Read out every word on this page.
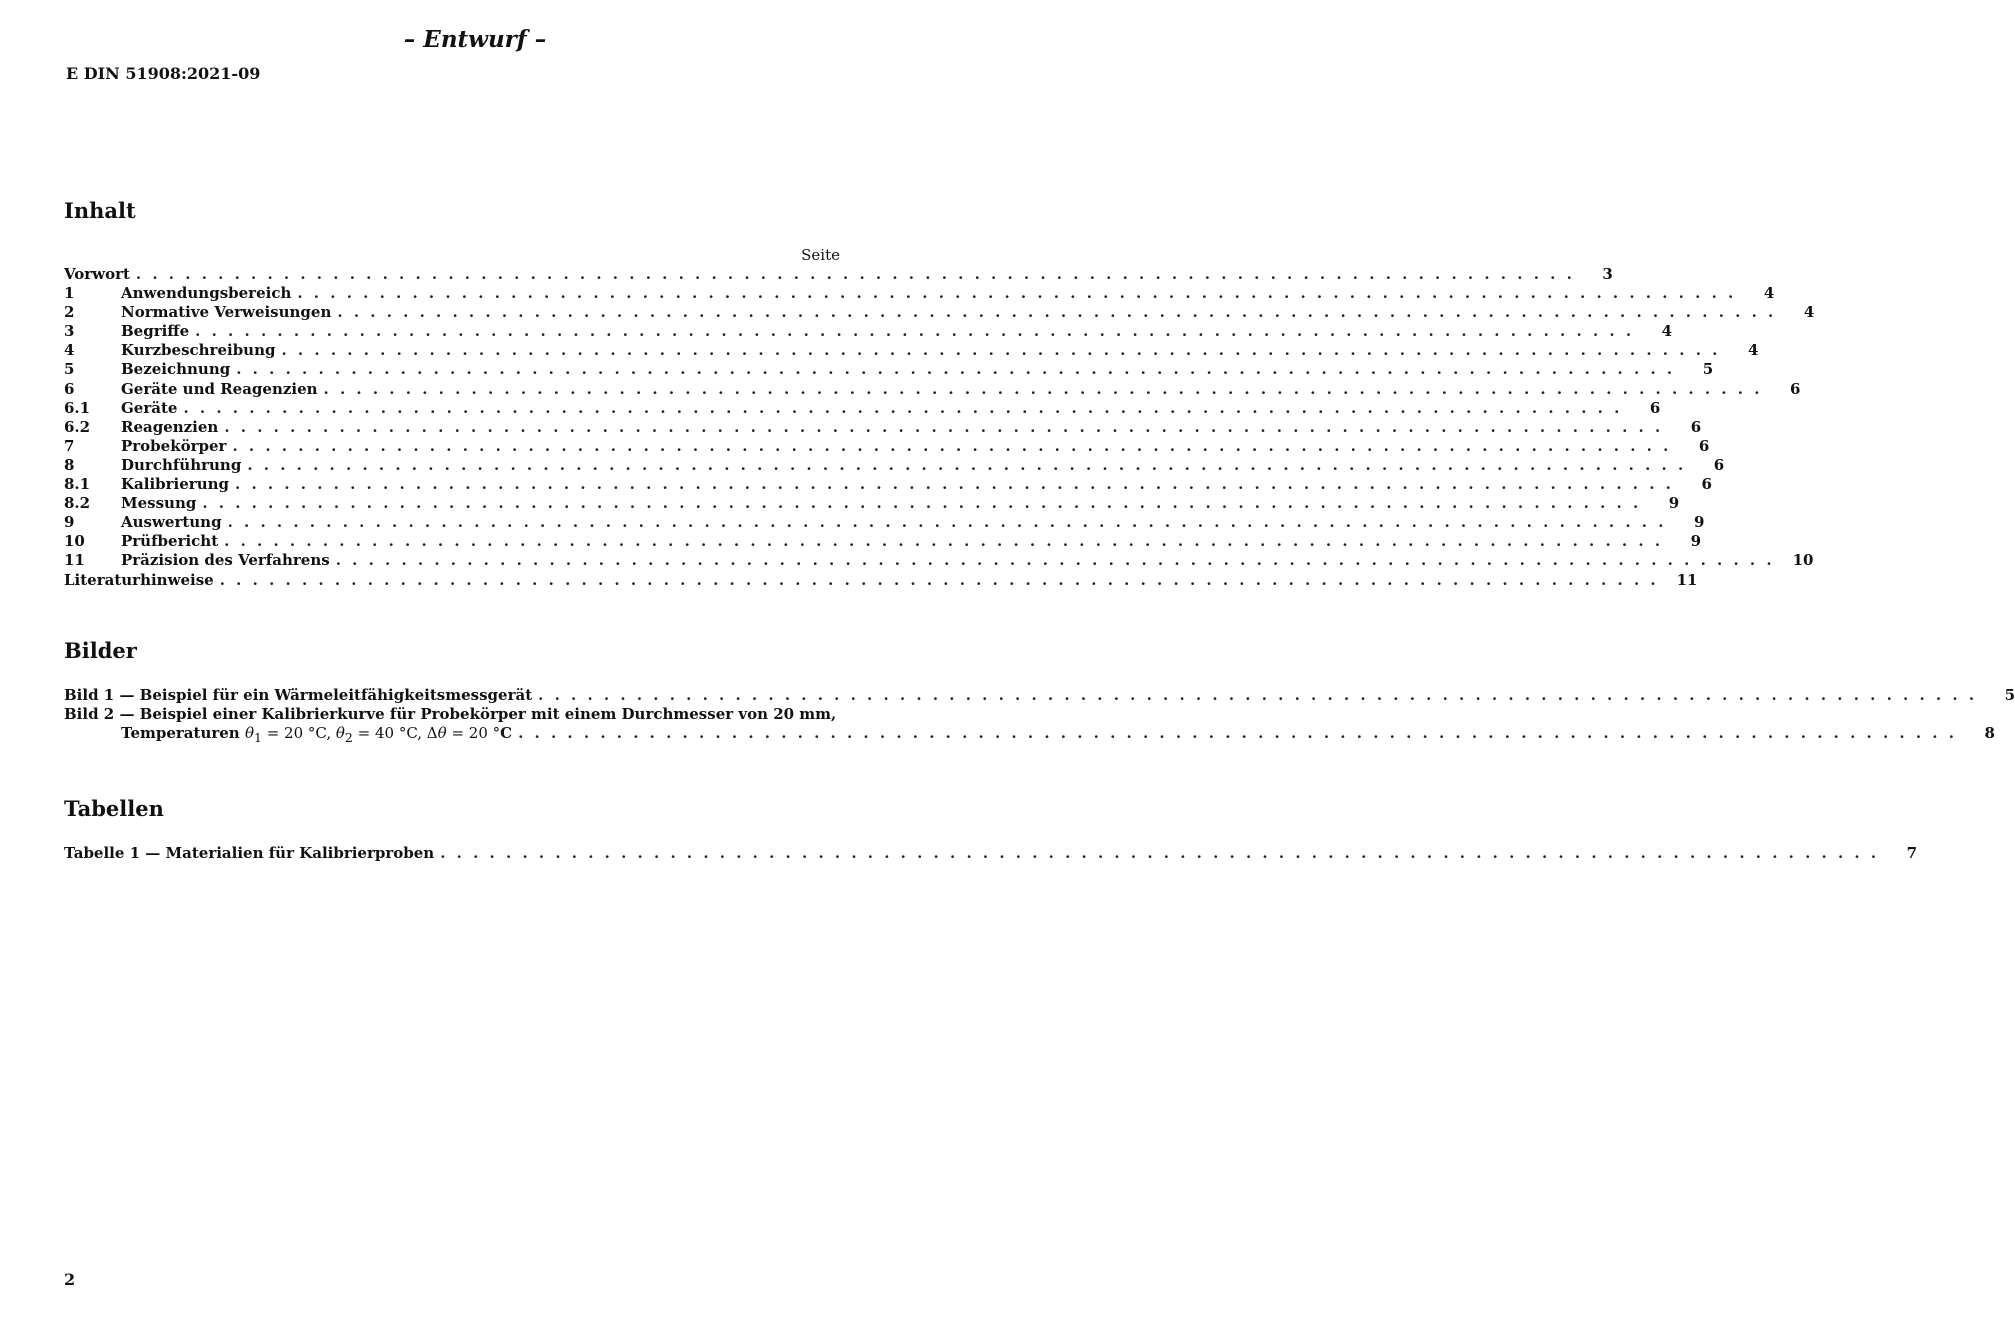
– Entwurf –
E DIN 51908:2021-09
Inhalt
Seite
Vorwort . . . . . . . . . . . . . . . . . . . . . . . . . . . . . . . . . . . . . . . . . . . . . . . . . . . . . . . . . . . . . . . . . . . . . . . . . . . . . . . . . . . . . . . .	3
1	Anwendungsbereich . . . . . . . . . . . . . . . . . . . . . . . . . . . . . . . . . . . . . . . . . . . . . . . . . . . . . . . . . . . . . . . . . . . . . . . . . . . . . . . . . . . . . . . .	4
2	Normative Verweisungen . . . . . . . . . . . . . . . . . . . . . . . . . . . . . . . . . . . . . . . . . . . . . . . . . . . . . . . . . . . . . . . . . . . . . . . . . . . . . . . . . . . . . . . .	4
3	Begriffe . . . . . . . . . . . . . . . . . . . . . . . . . . . . . . . . . . . . . . . . . . . . . . . . . . . . . . . . . . . . . . . . . . . . . . . . . . . . . . . . . . . . . . . .	4
4	Kurzbeschreibung . . . . . . . . . . . . . . . . . . . . . . . . . . . . . . . . . . . . . . . . . . . . . . . . . . . . . . . . . . . . . . . . . . . . . . . . . . . . . . . . . . . . . . . .	4
5	Bezeichnung . . . . . . . . . . . . . . . . . . . . . . . . . . . . . . . . . . . . . . . . . . . . . . . . . . . . . . . . . . . . . . . . . . . . . . . . . . . . . . . . . . . . . . . .	5
6	Geräte und Reagenzien . . . . . . . . . . . . . . . . . . . . . . . . . . . . . . . . . . . . . . . . . . . . . . . . . . . . . . . . . . . . . . . . . . . . . . . . . . . . . . . . . . . . . . . .	6
6.1	Geräte . . . . . . . . . . . . . . . . . . . . . . . . . . . . . . . . . . . . . . . . . . . . . . . . . . . . . . . . . . . . . . . . . . . . . . . . . . . . . . . . . . . . . . . .	6
6.2	Reagenzien . . . . . . . . . . . . . . . . . . . . . . . . . . . . . . . . . . . . . . . . . . . . . . . . . . . . . . . . . . . . . . . . . . . . . . . . . . . . . . . . . . . . . . . .	6
7	Probekörper . . . . . . . . . . . . . . . . . . . . . . . . . . . . . . . . . . . . . . . . . . . . . . . . . . . . . . . . . . . . . . . . . . . . . . . . . . . . . . . . . . . . . . . .	6
8	Durchführung . . . . . . . . . . . . . . . . . . . . . . . . . . . . . . . . . . . . . . . . . . . . . . . . . . . . . . . . . . . . . . . . . . . . . . . . . . . . . . . . . . . . . . . .	6
8.1	Kalibrierung . . . . . . . . . . . . . . . . . . . . . . . . . . . . . . . . . . . . . . . . . . . . . . . . . . . . . . . . . . . . . . . . . . . . . . . . . . . . . . . . . . . . . . . .	6
8.2	Messung . . . . . . . . . . . . . . . . . . . . . . . . . . . . . . . . . . . . . . . . . . . . . . . . . . . . . . . . . . . . . . . . . . . . . . . . . . . . . . . . . . . . . . . .	9
9	Auswertung . . . . . . . . . . . . . . . . . . . . . . . . . . . . . . . . . . . . . . . . . . . . . . . . . . . . . . . . . . . . . . . . . . . . . . . . . . . . . . . . . . . . . . . .	9
10	Prüfbericht . . . . . . . . . . . . . . . . . . . . . . . . . . . . . . . . . . . . . . . . . . . . . . . . . . . . . . . . . . . . . . . . . . . . . . . . . . . . . . . . . . . . . . . .	9
11	Präzision des Verfahrens . . . . . . . . . . . . . . . . . . . . . . . . . . . . . . . . . . . . . . . . . . . . . . . . . . . . . . . . . . . . . . . . . . . . . . . . . . . . . . . . . . . . . . . .	10
Literaturhinweise . . . . . . . . . . . . . . . . . . . . . . . . . . . . . . . . . . . . . . . . . . . . . . . . . . . . . . . . . . . . . . . . . . . . . . . . . . . . . . . . . . . . . . . .	11
Bilder
Bild 1 — Beispiel für ein Wärmeleitfähigkeitsmessgerät . . . . . . . . . . . . . . . . . . . . . . . . . . . . . . . . . . . . . . . . . . . . . . . . . . . . . . . . . . . . . . . . . . . . . . . . . . . . . . . . . . . . . . . .	5
Bild 2 — Beispiel einer Kalibrierkurve für Probekörper mit einem Durchmesser von 20 mm,
Temperaturen $\theta_1 = 20$ °C, $\theta_2 = 40$ °C, Δθ = 20 °C . . . . . . . . . . . . . . . . . . . . . . . . . . . . . . . . . . . . . . . . . . . . . . . . . . . . . . . . . . . . . . . . . . . . . . . . . . . . . . . . . . . . . . . .	8
Tabellen
Tabelle 1 — Materialien für Kalibrierproben . . . . . . . . . . . . . . . . . . . . . . . . . . . . . . . . . . . . . . . . . . . . . . . . . . . . . . . . . . . . . . . . . . . . . . . . . . . . . . . . . . . . . . . .	7
2
